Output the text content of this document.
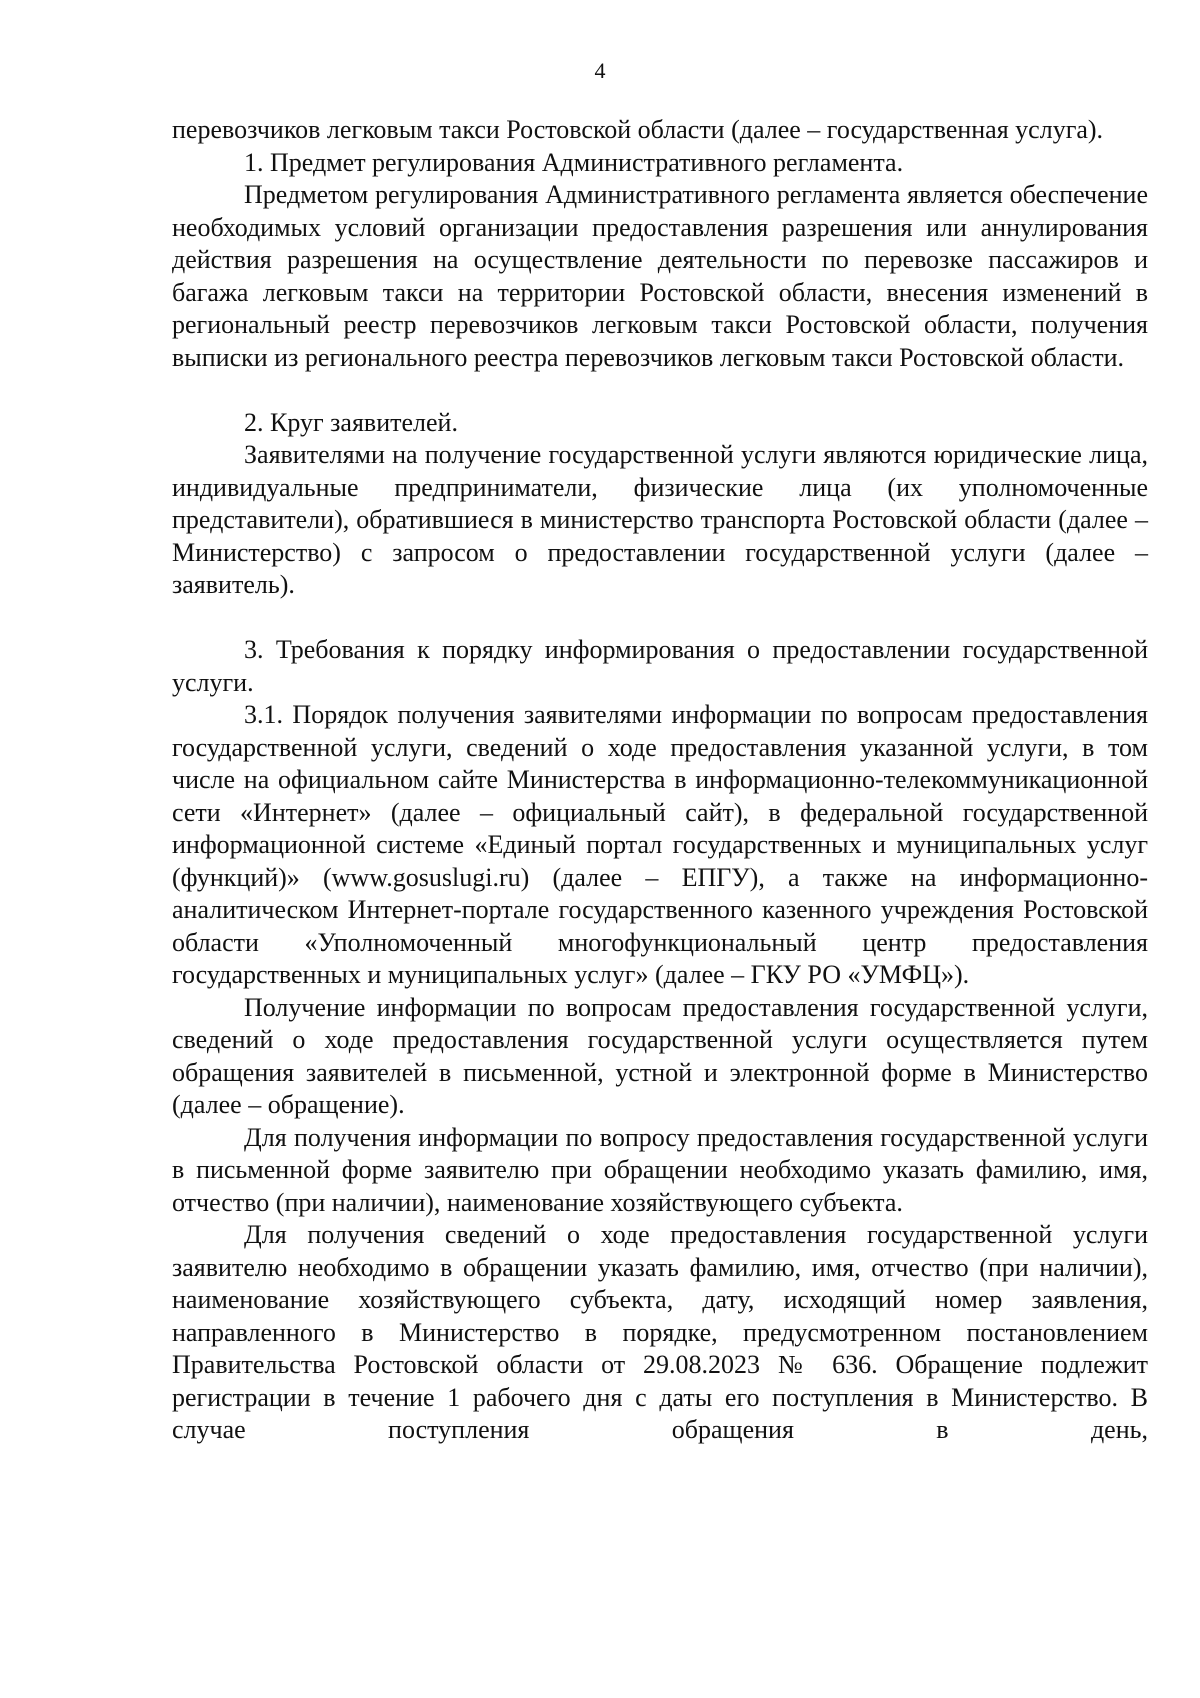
4

перевозчиков легковым такси Ростовской области (далее – государственная услуга).

1. Предмет регулирования Административного регламента.

Предметом регулирования Административного регламента является обеспечение необходимых условий организации предоставления разрешения или аннулирования действия разрешения на осуществление деятельности по перевозке пассажиров и багажа легковым такси на территории Ростовской области, внесения изменений в региональный реестр перевозчиков легковым такси Ростовской области, получения выписки из регионального реестра перевозчиков легковым такси Ростовской области.

2. Круг заявителей.

Заявителями на получение государственной услуги являются юридические лица, индивидуальные предприниматели, физические лица (их уполномоченные представители), обратившиеся в министерство транспорта Ростовской области (далее – Министерство) с запросом о предоставлении государственной услуги (далее – заявитель).

3. Требования к порядку информирования о предоставлении государственной услуги.

3.1. Порядок получения заявителями информации по вопросам предоставления государственной услуги, сведений о ходе предоставления указанной услуги, в том числе на официальном сайте Министерства в информационно-телекоммуникационной сети «Интернет» (далее – официальный сайт), в федеральной государственной информационной системе «Единый портал государственных и муниципальных услуг (функций)» (www.gosuslugi.ru) (далее – ЕПГУ), а также на информационно-аналитическом Интернет-портале государственного казенного учреждения Ростовской области «Уполномоченный многофункциональный центр предоставления государственных и муниципальных услуг» (далее – ГКУ РО «УМФЦ»).

Получение информации по вопросам предоставления государственной услуги, сведений о ходе предоставления государственной услуги осуществляется путем обращения заявителей в письменной, устной и электронной форме в Министерство (далее – обращение).

Для получения информации по вопросу предоставления государственной услуги в письменной форме заявителю при обращении необходимо указать фамилию, имя, отчество (при наличии), наименование хозяйствующего субъекта.

Для получения сведений о ходе предоставления государственной услуги заявителю необходимо в обращении указать фамилию, имя, отчество (при наличии), наименование хозяйствующего субъекта, дату, исходящий номер заявления, направленного в Министерство в порядке, предусмотренном постановлением Правительства Ростовской области от 29.08.2023 № 636. Обращение подлежит регистрации в течение 1 рабочего дня с даты его поступления в Министерство. В случае поступления обращения в день,
